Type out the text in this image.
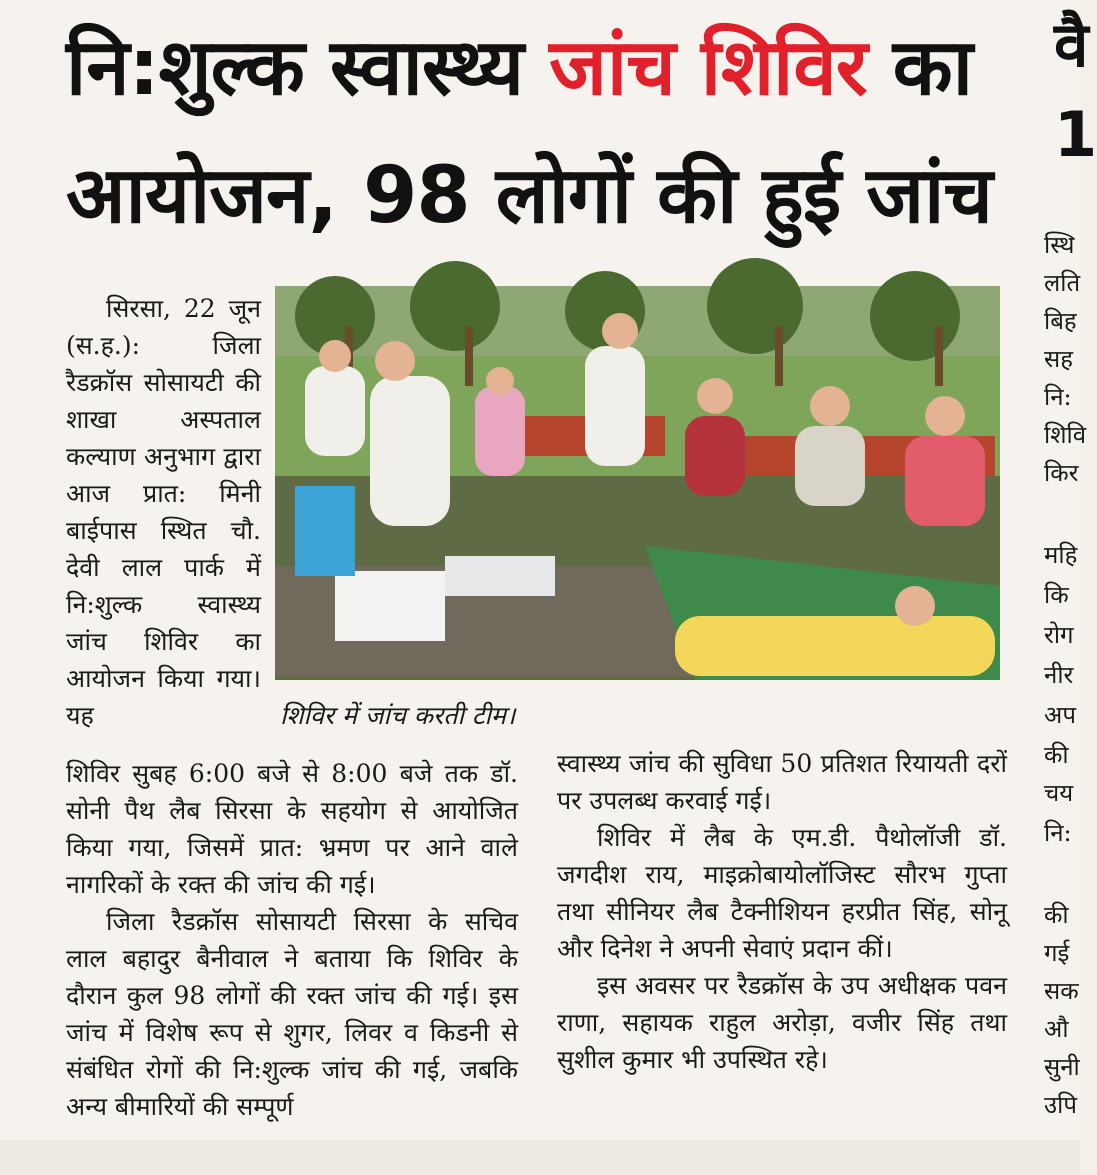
नि:शुल्क स्वास्थ्य जांच शिविर का
आयोजन, 98 लोगों की हुई जांच

सिरसा, 22 जून (स.ह.): जिला रैडक्रॉस सोसायटी की शाखा अस्पताल कल्याण अनुभाग द्वारा आज प्रात: मिनी बाईपास स्थित चौ. देवी लाल पार्क में नि:शुल्क स्वास्थ्य जांच शिविर का आयोजन किया गया। यह	शिविर में जांच करती टीम।

शिविर सुबह 6:00 बजे से 8:00 बजे तक डॉ. सोनी पैथ लैब सिरसा के सहयोग से आयोजित किया गया, जिसमें प्रात: भ्रमण पर आने वाले नागरिकों के रक्त की जांच की गई।

जिला रैडक्रॉस सोसायटी सिरसा के सचिव लाल बहादुर बैनीवाल ने बताया कि शिविर के दौरान कुल 98 लोगों की रक्त जांच की गई। इस जांच में विशेष रूप से शुगर, लिवर व किडनी से संबंधित रोगों की नि:शुल्क जांच की गई, जबकि अन्य बीमारियों की सम्पूर्ण

स्वास्थ्य जांच की सुविधा 50 प्रतिशत रियायती दरों पर उपलब्ध करवाई गई।

शिविर में लैब के एम.डी. पैथोलॉजी डॉ. जगदीश राय, माइक्रोबायोलॉजिस्ट सौरभ गुप्ता तथा सीनियर लैब टैक्नीशियन हरप्रीत सिंह, सोनू और दिनेश ने अपनी सेवाएं प्रदान कीं।

इस अवसर पर रैडक्रॉस के उप अधीक्षक पवन राणा, सहायक राहुल अरोड़ा, वजीर सिंह तथा सुशील कुमार भी उपस्थित रहे।

वै
1
स्थि
लति
बिह
सह
नि:
शिवि
किर
महि
कि
रोग
नीर
अप
की
चय
नि:
की
गई
सक
औ
सुनी
उपि
